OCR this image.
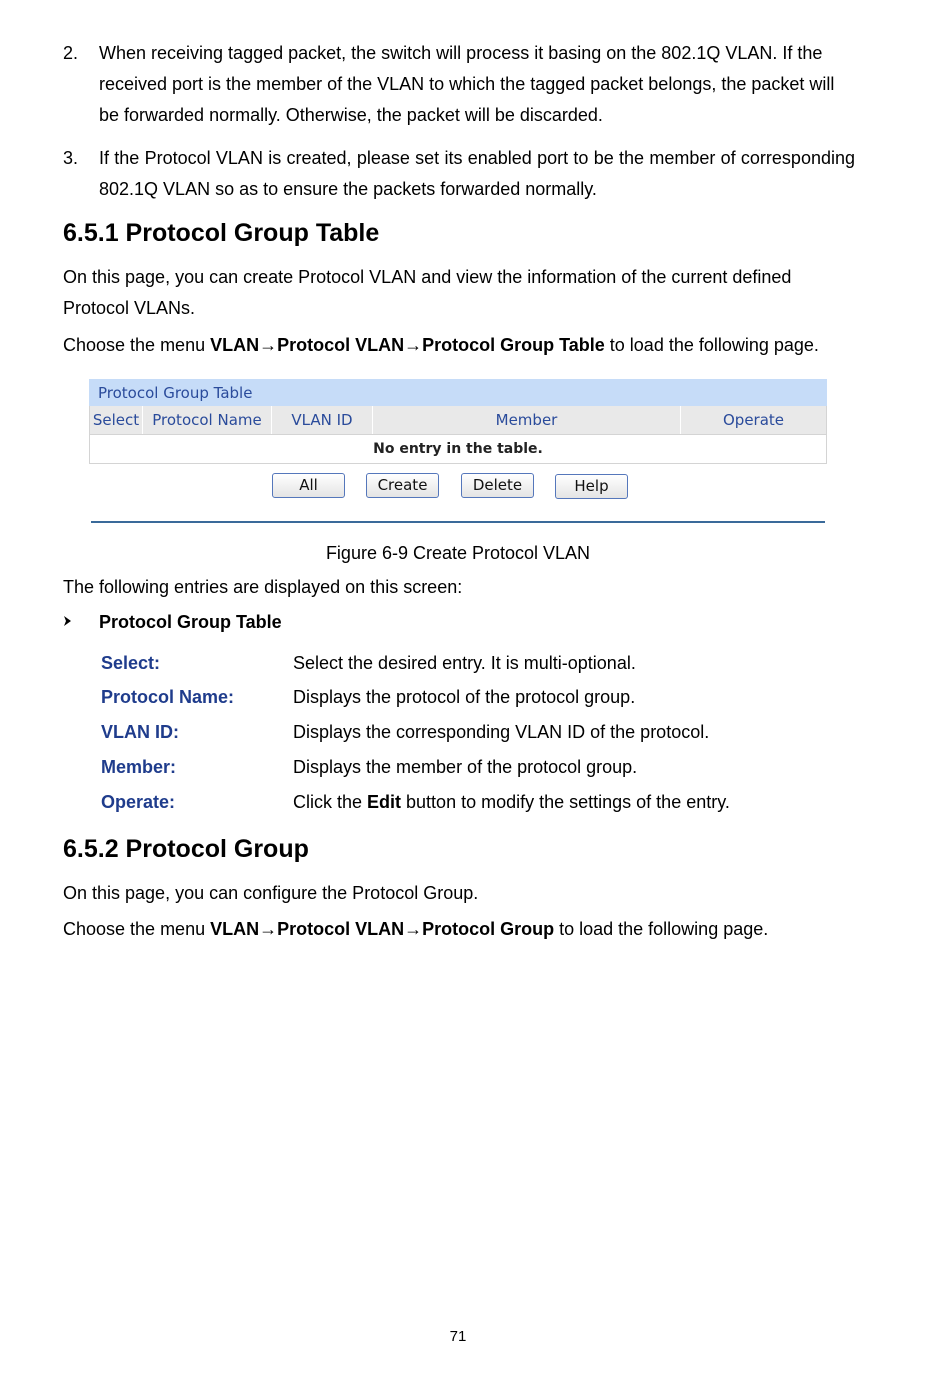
2. When receiving tagged packet, the switch will process it basing on the 802.1Q VLAN. If the received port is the member of the VLAN to which the tagged packet belongs, the packet will be forwarded normally. Otherwise, the packet will be discarded.
3. If the Protocol VLAN is created, please set its enabled port to be the member of corresponding 802.1Q VLAN so as to ensure the packets forwarded normally.
6.5.1 Protocol Group Table
On this page, you can create Protocol VLAN and view the information of the current defined Protocol VLANs.
Choose the menu VLAN→Protocol VLAN→Protocol Group Table to load the following page.
Protocol Group Table
Select Protocol Name	VLAN ID	Member	Operate
No entry in the table.
All	Create	Delete	Help
Figure 6-9 Create Protocol VLAN
The following entries are displayed on this screen:
Protocol Group Table
Select:	Select the desired entry. It is multi-optional.
Protocol Name:	Displays the protocol of the protocol group.
VLAN ID:	Displays the corresponding VLAN ID of the protocol.
Member:	Displays the member of the protocol group.
Operate:	Click the Edit button to modify the settings of the entry.
6.5.2 Protocol Group
On this page, you can configure the Protocol Group.
Choose the menu VLAN→Protocol VLAN→Protocol Group to load the following page.
71
